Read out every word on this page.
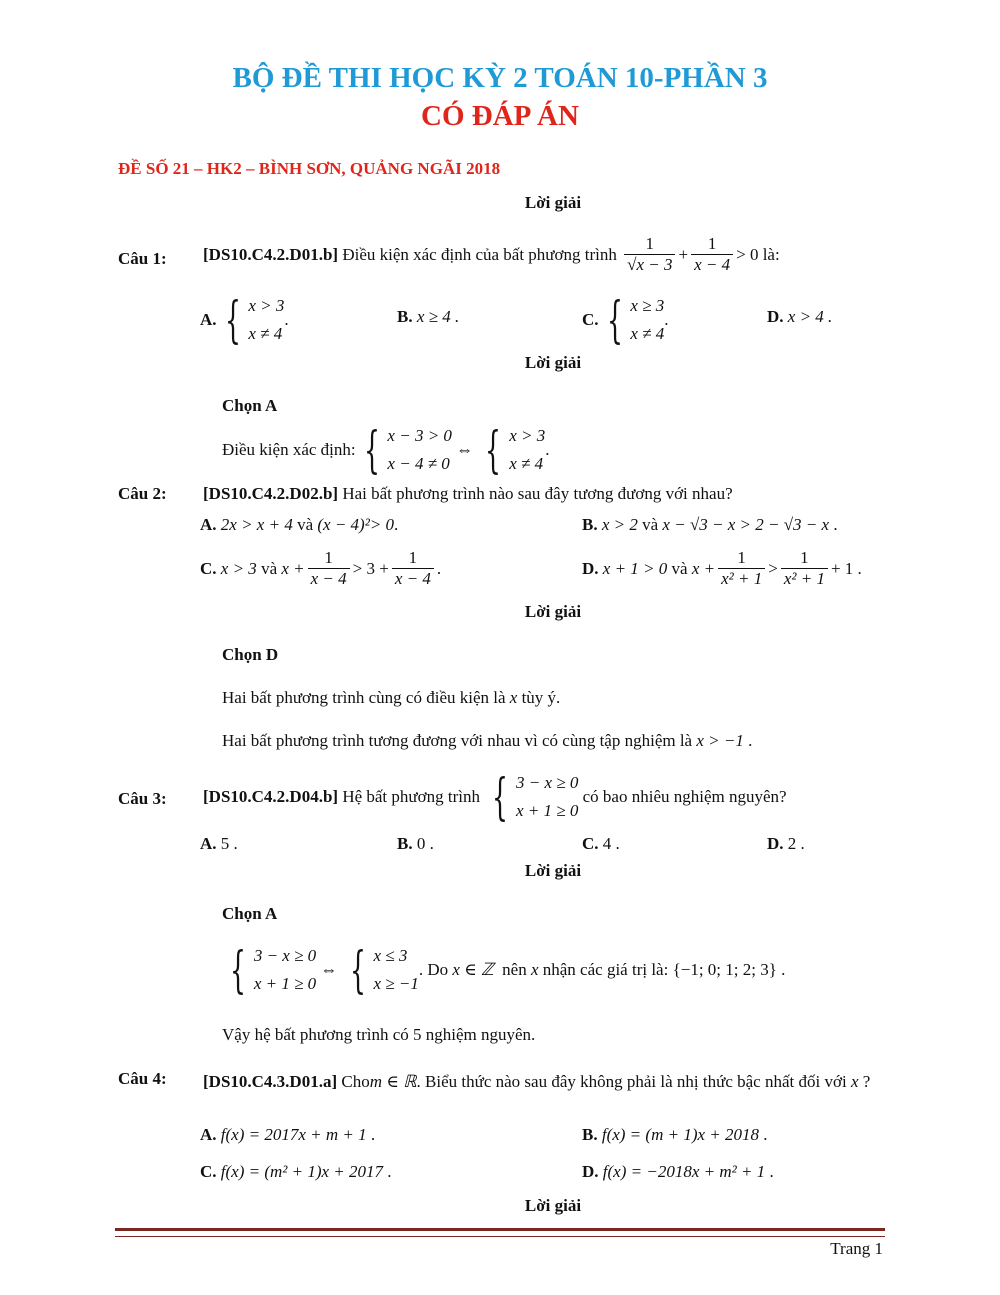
BỘ ĐỀ THI HỌC KỲ 2 TOÁN 10-PHẦN 3
CÓ ĐÁP ÁN
ĐỀ SỐ 21 – HK2 – BÌNH SƠN, QUẢNG NGÃI 2018
Lời giải
Câu 1: [DS10.C4.2.D01.b]
Điều kiện xác định của bất phương trình
$\frac{1}{√x - 3} + \frac{1}{x - 4} > 0$
là:
A. { x > 3
x ≠ 4
.	B. x ≥ 4 .	C. { x ≥ 3
x ≠ 4
.	D. x > 4 .
Lời giải
Chọn A
Điều kiện xác định: { x − 3 > 0
x − 4 ≠ 0
⇔ { x > 3
x ≠ 4
.
Câu 2: [DS10.C4.2.D02.b] Hai bất phương trình nào sau đây tương đương với nhau?
A. 2x > x + 4 và (x − 4)²> 0.	B. x > 2 và x − √3 − x > 2 − √3 − x .
C.
x > 3 và $x + \frac{1}{x - 4} > 3 + \frac{1}{x - 4}$ .	D.
x + 1 > 0 và $x + \frac{1}{\text{x² + 1}} > \frac{1}{\text{x² + 1}} + 1$ .
Lời giải
Chọn D
Hai bất phương trình cùng có điều kiện là x tùy ý.
Hai bất phương trình tương đương với nhau vì có cùng tập nghiệm là x > −1 .
Câu 3: [DS10.C4.2.D04.b]
Hệ bất phương trình
{ 3 − x ≥ 0
x + 1 ≥ 0

có bao nhiêu nghiệm nguyên?
A. 5 .	B. 0 .	C. 4 .	D. 2 .
Lời giải
Chọn A
{ 3 − x ≥ 0
x + 1 ≥ 0
⇔ { x ≤ 3
x ≥ −1
. Do
x ∈ ℤ
nên
x
nhận các giá trị là:
{−1; 0; 1; 2; 3} .
Vậy hệ bất phương trình có 5 nghiệm nguyên.
Câu 4: [DS10.C4.3.D01.a] Chom ∈ ℝ. Biểu thức nào sau đây không phải là nhị thức bậc nhất đối với x ?
A. f(x) = 2017x + m + 1 .	B. f(x) = (m + 1)x + 2018 .
C. f(x) = (m² + 1)x + 2017 .	D. f(x) = −2018x + m² + 1 .
Lời giải
Trang 1
